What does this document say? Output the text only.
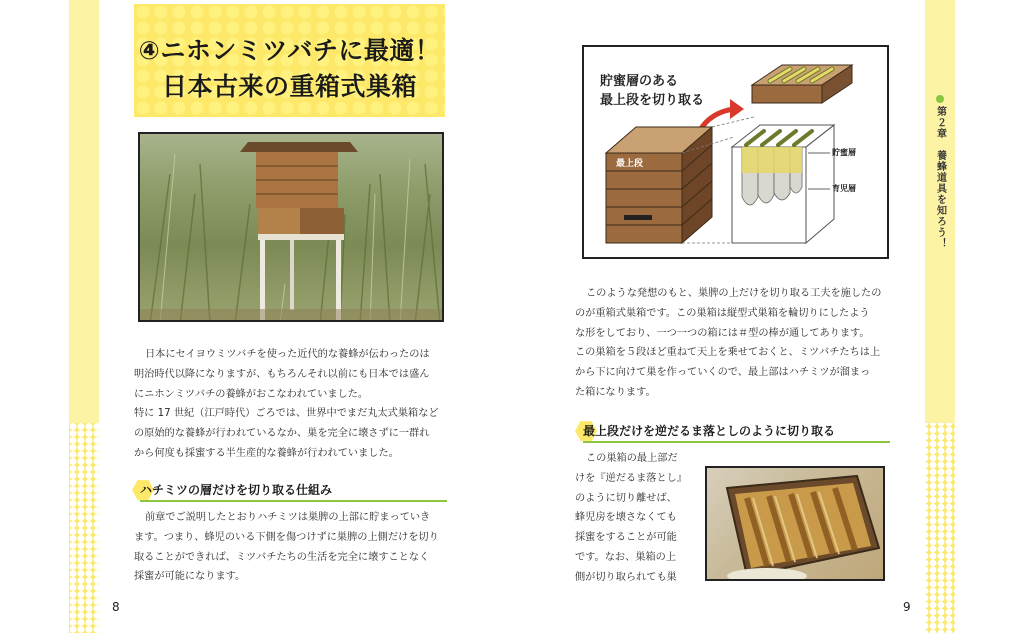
第２章　養蜂道具を知ろう！
8	9
④ニホンミツバチに最適！
日本古来の重箱式巣箱
日本にセイヨウミツバチを使った近代的な養蜂が伝わったのは
明治時代以降になりますが、もちろんそれ以前にも日本では盛ん
にニホンミツバチの養蜂がおこなわれていました。
特に 17 世紀（江戸時代）ごろでは、世界中でまだ丸太式巣箱など
の原始的な養蜂が行われているなか、巣を完全に壊さずに一群れ
から何度も採蜜する半生産的な養蜂が行われていました。
ハチミツの層だけを切り取る仕組み
前章でご説明したとおりハチミツは巣脾の上部に貯まっていき
ます。つまり、蜂児のいる下側を傷つけずに巣脾の上側だけを切り
取ることができれば、ミツバチたちの生活を完全に壊すことなく
採蜜が可能になります。
貯蜜層のある
最上段を切り取る
最上段
貯蜜層
育児層
このような発想のもと、巣脾の上だけを切り取る工夫を施したの
のが重箱式巣箱です。この巣箱は縦型式巣箱を輪切りにしたよう
な形をしており、一つ一つの箱には＃型の棒が通してあります。
この巣箱を５段ほど重ねて天上を乗せておくと、ミツバチたちは上
から下に向けて巣を作っていくので、最上部はハチミツが溜まっ
た箱になります。
最上段だけを逆だるま落としのように切り取る
この巣箱の最上部だ
けを『逆だるま落とし』
のように切り離せば、
蜂児房を壊さなくても
採蜜をすることが可能
です。なお、巣箱の上
側が切り取られても巣
